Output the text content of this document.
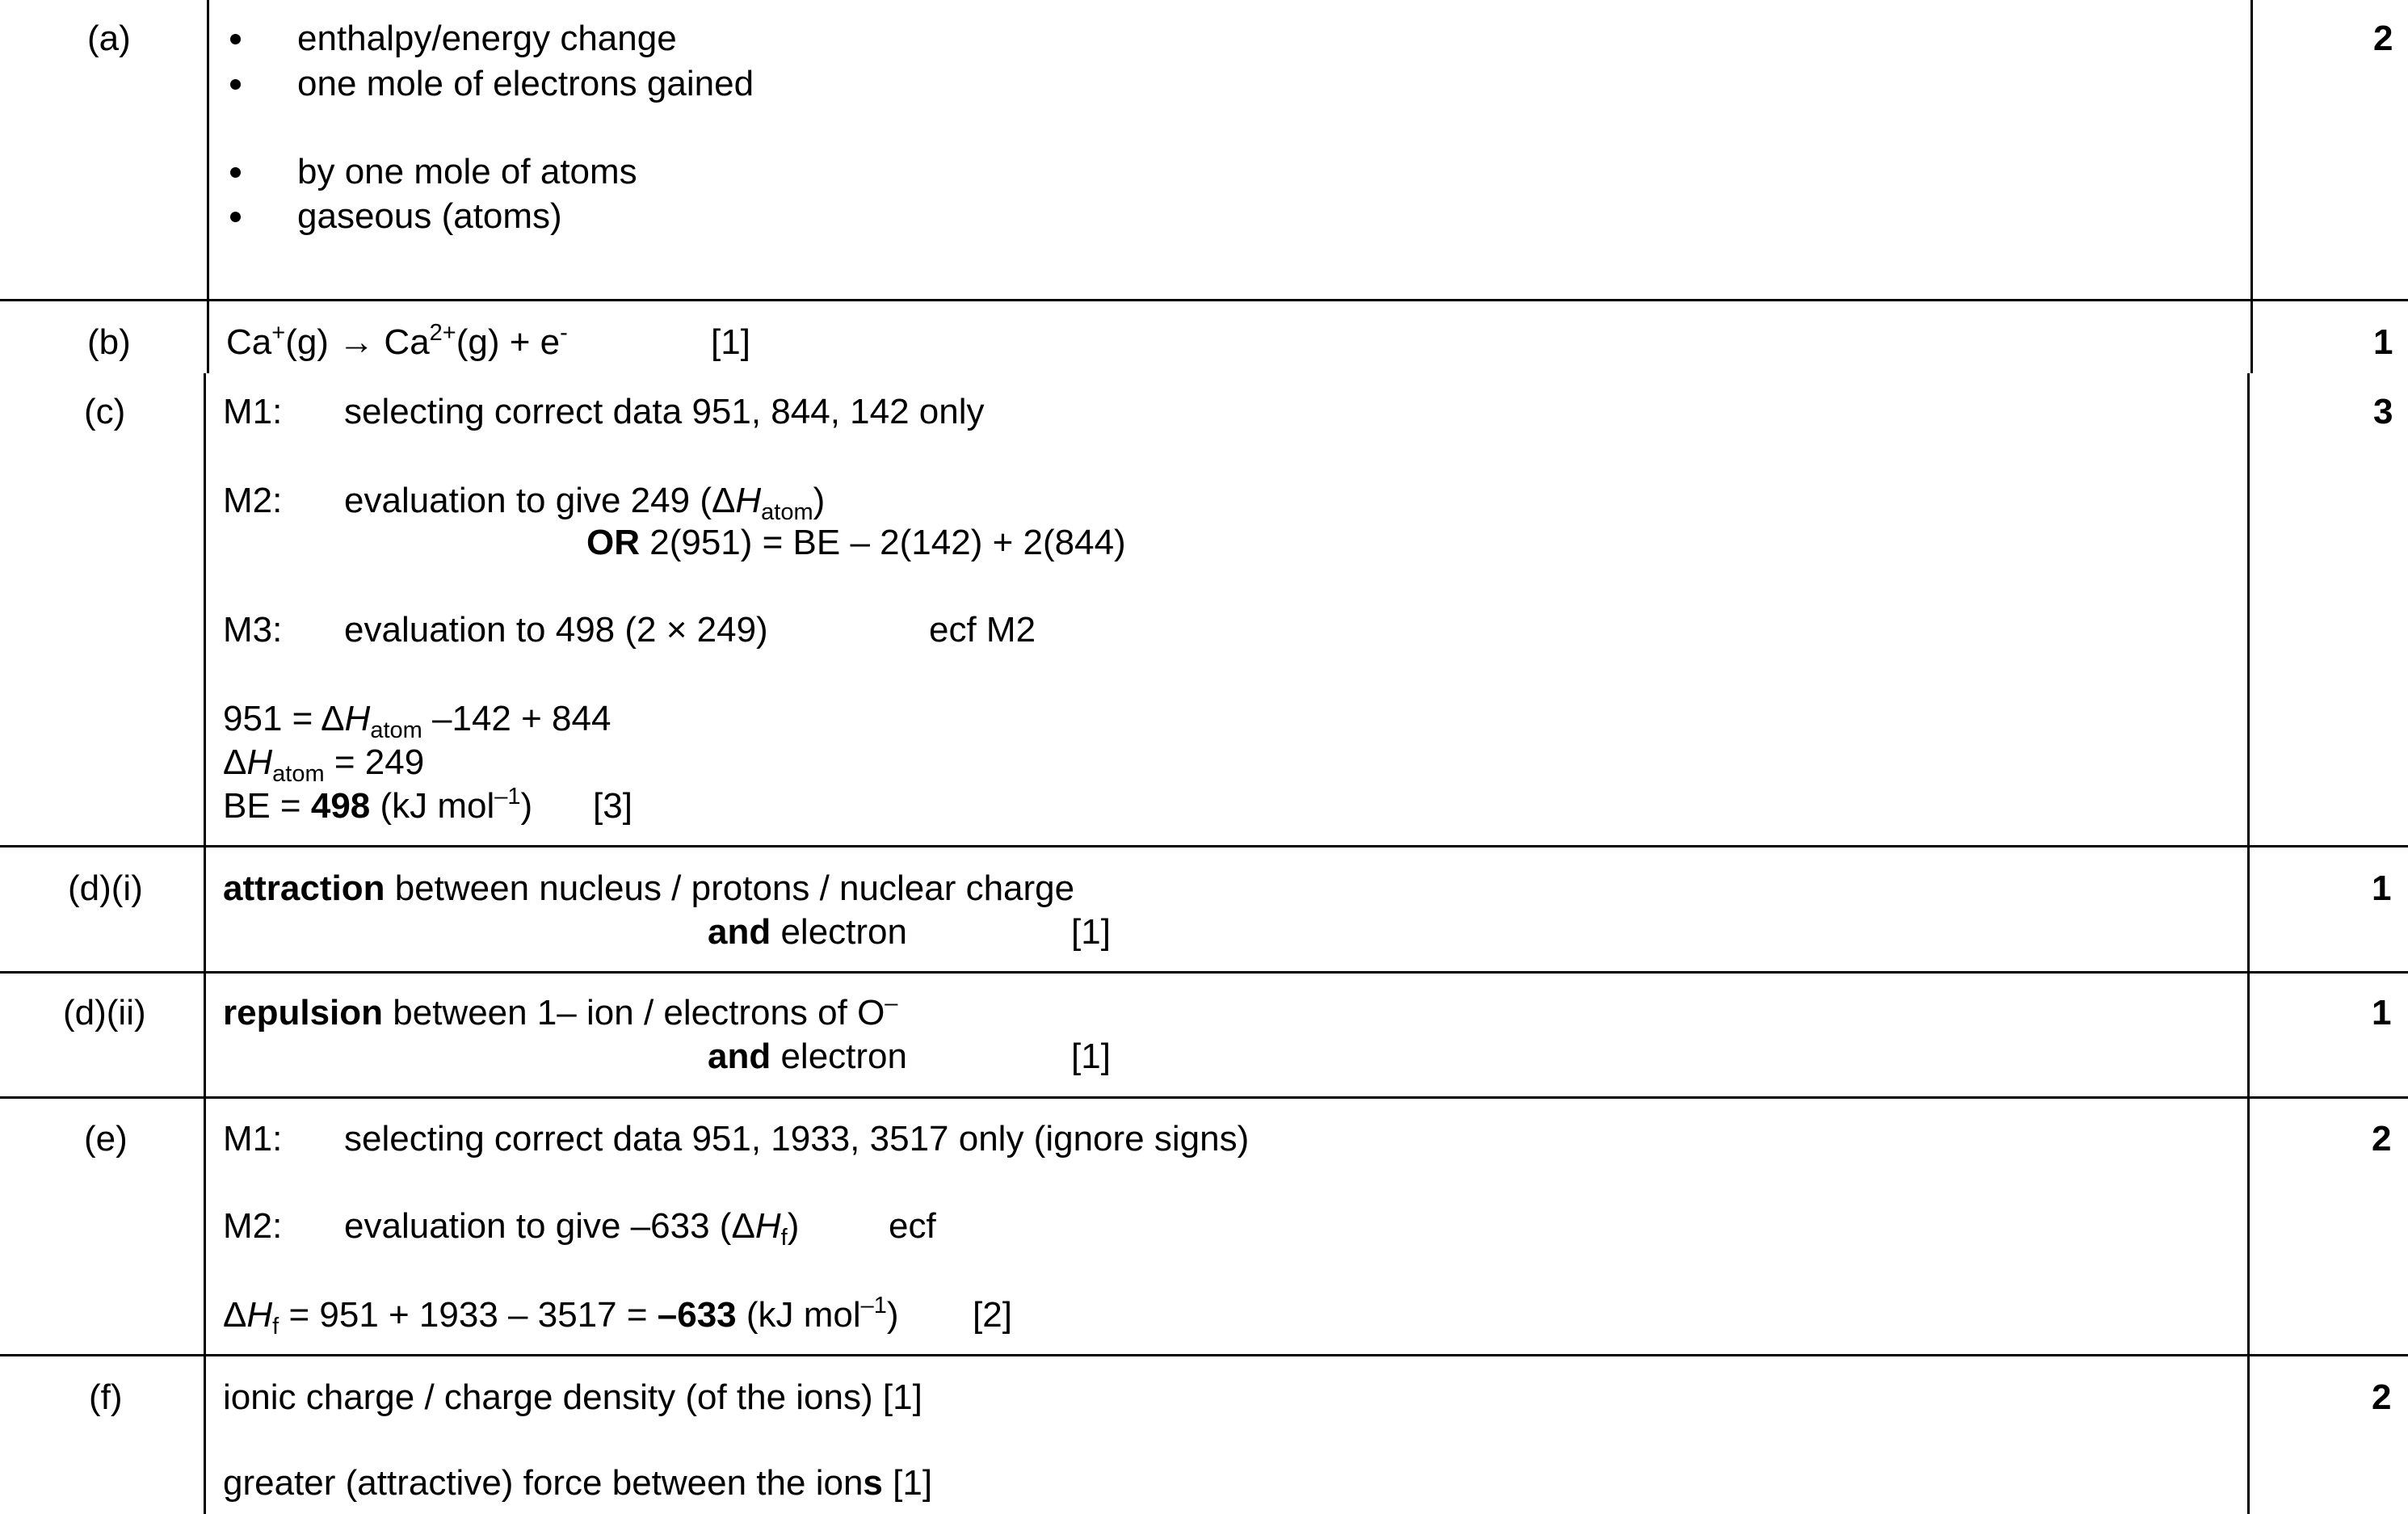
(a)	enthalpy/energy change
one mole of electrons gained
by one mole of atoms
gaseous (atoms)
2
(b)	$Ca^+(g) \to Ca^{2+}(g) + e^-$	[1]	1
(c)	M1: selecting correct data 951, 844, 142 only
M2: evaluation to give 249 $(\Delta H_{atom})$
OR 2(951) = BE – 2(142) + 2(844)
M3: evaluation to 498 (2 × 249)	ecf M2
$951 = \Delta H_{atom}$ –142 + 844
$\Delta H_{atom} = 249$
BE = 498 (kJ mol$^{-1}$) [3]
3
(d)(i) attraction between nucleus / protons / nuclear charge
and electron	[1]
1
(d)(ii) repulsion between 1– ion / electrons of O–
and electron	[1]
1
(e)	M1: selecting correct data 951, 1933, 3517 only (ignore signs)
M2: evaluation to give –633 $(\Delta H_f)$	ecf
$\Delta H_f = 951 + 1933 - 3517 = -633$ (kJ mol$^{-1}$) [2]
2
(f)	ionic charge / charge density (of the ions) [1]
greater (attractive) force between the ions [1]
2
